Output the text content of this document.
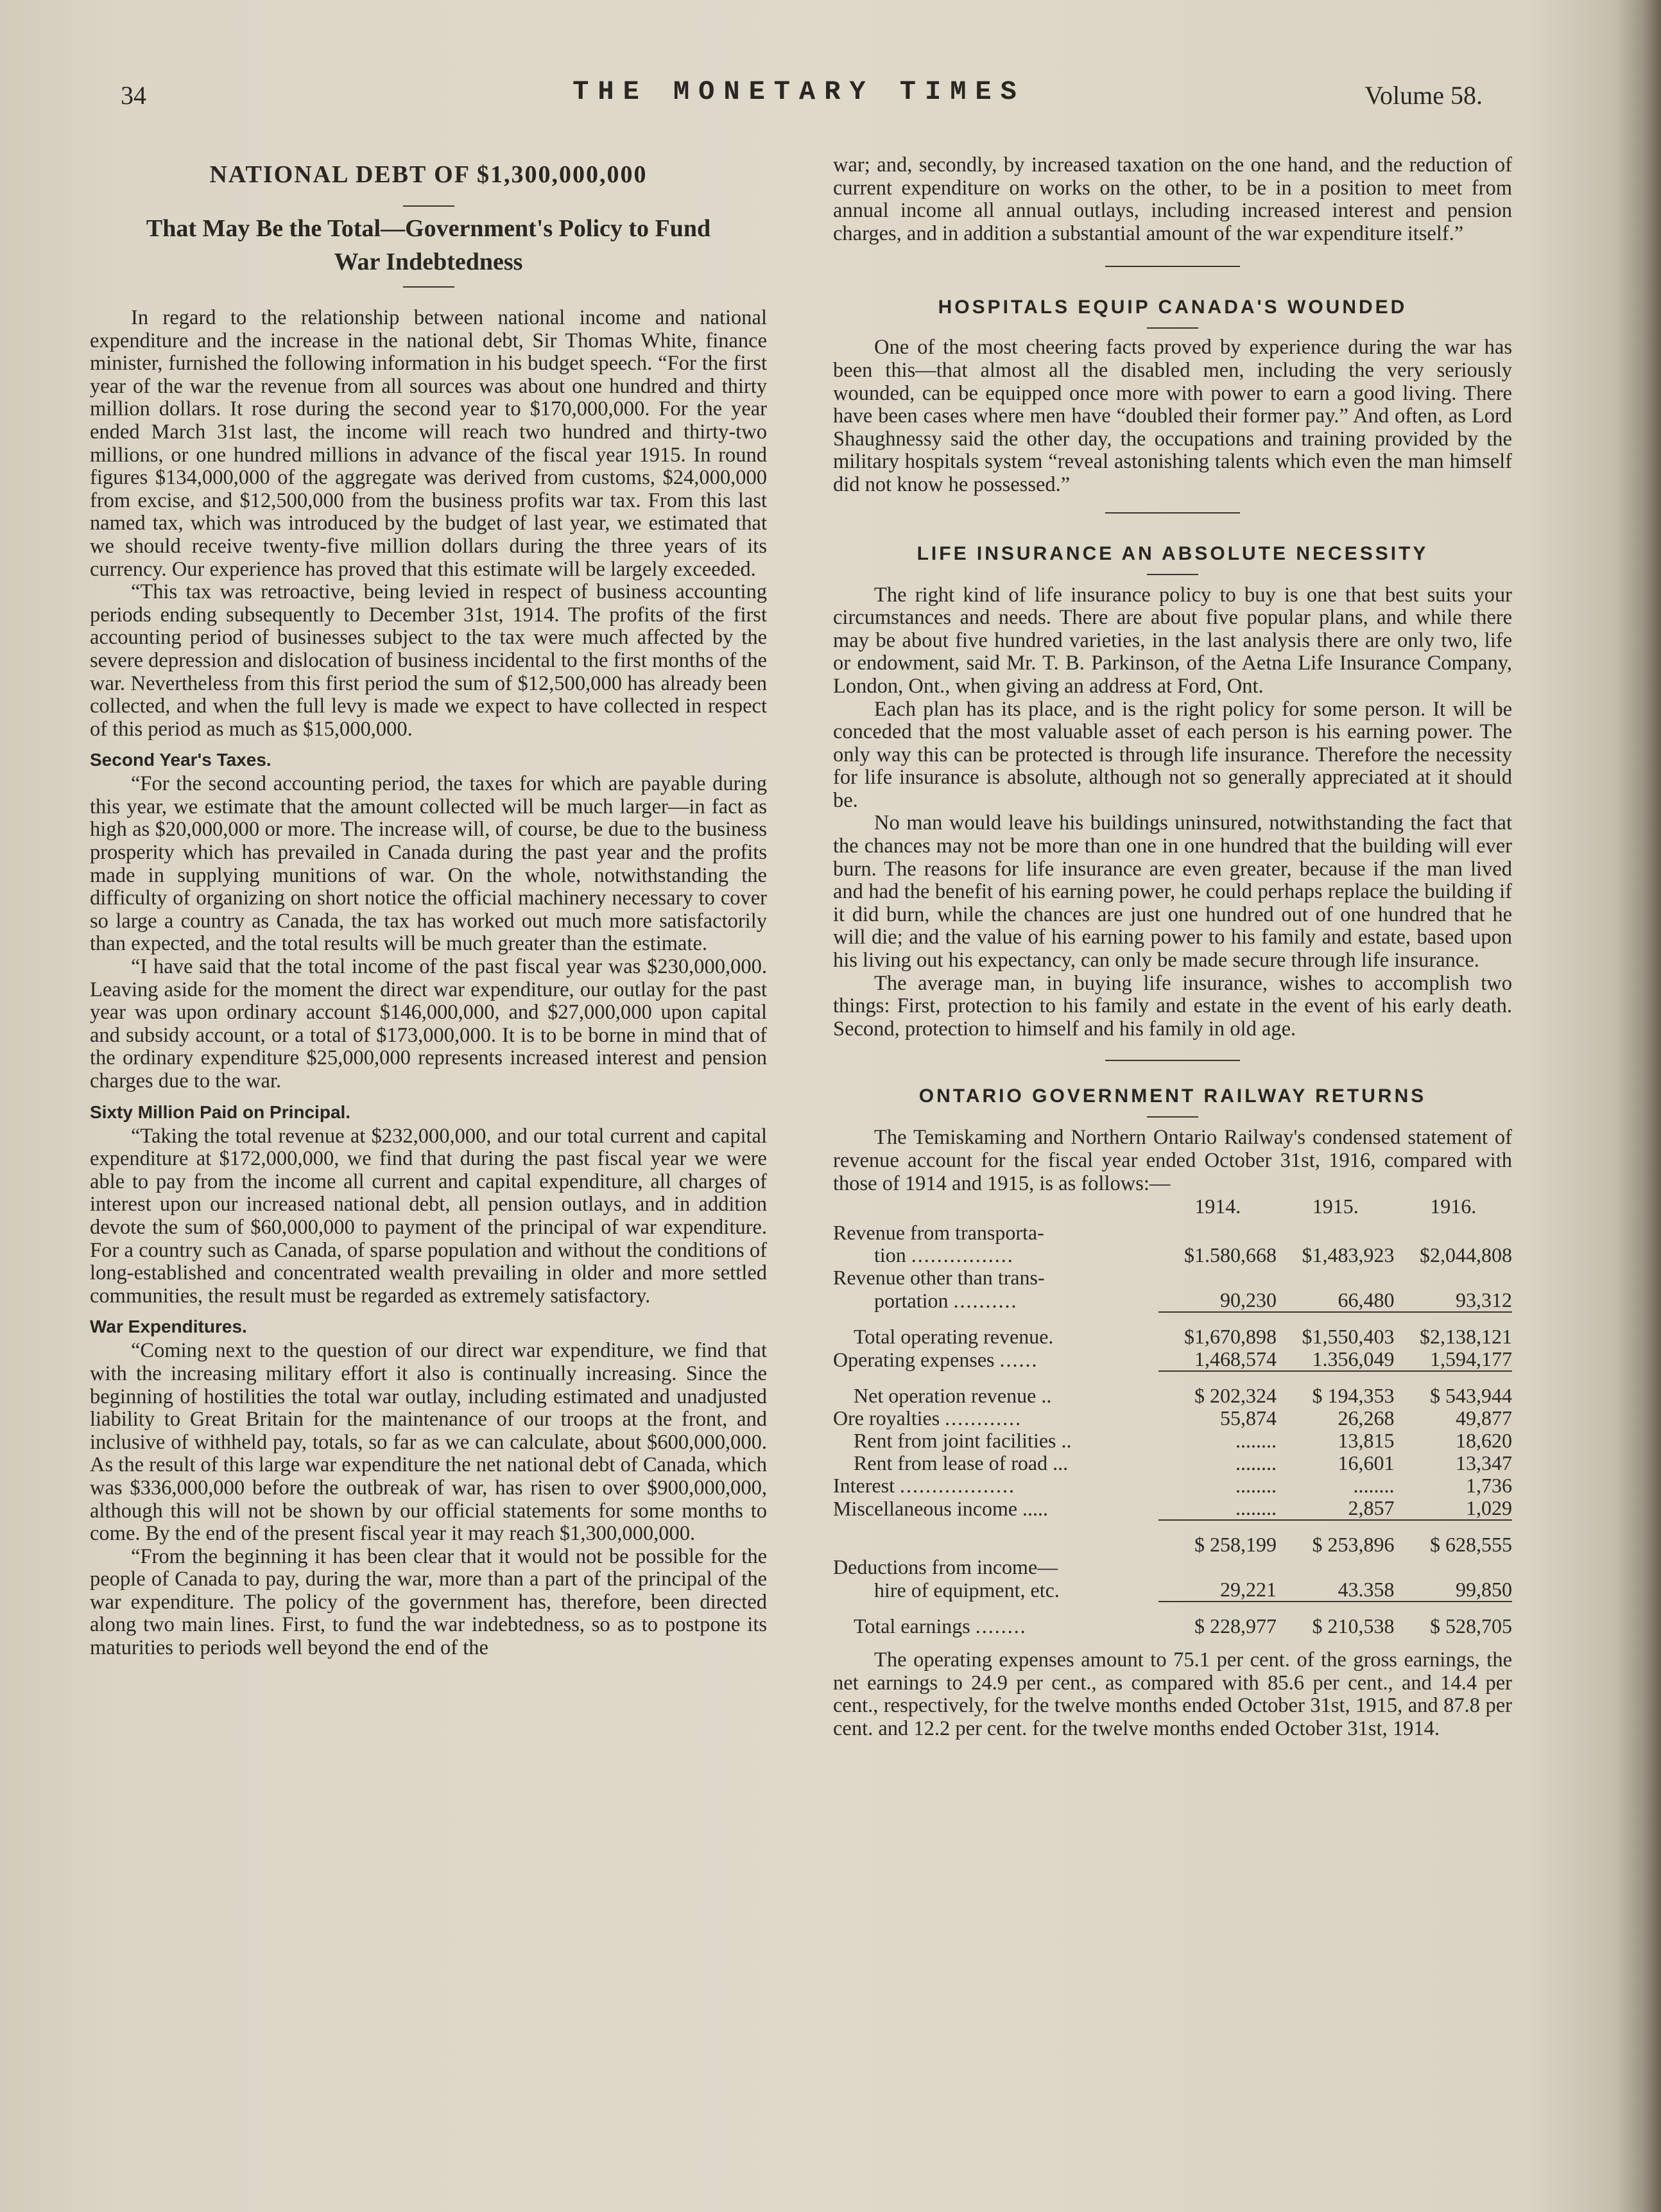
34	THE MONETARY TIMES	Volume 58.
NATIONAL DEBT OF $1,300,000,000
That May Be the Total—Government's Policy to Fund
War Indebtedness

In regard to the relationship between national income and national expenditure and the increase in the national debt, Sir Thomas White, finance minister, furnished the following information in his budget speech. “For the first year of the war the revenue from all sources was about one hundred and thirty million dollars. It rose during the second year to $170,000,000. For the year ended March 31st last, the income will reach two hundred and thirty-two millions, or one hundred millions in advance of the fiscal year 1915. In round figures $134,000,000 of the aggregate was derived from customs, $24,000,000 from excise, and $12,500,000 from the business profits war tax. From this last named tax, which was introduced by the budget of last year, we estimated that we should receive twenty-five million dollars during the three years of its currency. Our experience has proved that this estimate will be largely exceeded.

“This tax was retroactive, being levied in respect of business accounting periods ending subsequently to December 31st, 1914. The profits of the first accounting period of businesses subject to the tax were much affected by the severe depression and dislocation of business incidental to the first months of the war. Nevertheless from this first period the sum of $12,500,000 has already been collected, and when the full levy is made we expect to have collected in respect of this period as much as $15,000,000.

Second Year's Taxes.

“For the second accounting period, the taxes for which are payable during this year, we estimate that the amount collected will be much larger—in fact as high as $20,000,000 or more. The increase will, of course, be due to the business prosperity which has prevailed in Canada during the past year and the profits made in supplying munitions of war. On the whole, notwithstanding the difficulty of organizing on short notice the official machinery necessary to cover so large a country as Canada, the tax has worked out much more satisfactorily than expected, and the total results will be much greater than the estimate.

“I have said that the total income of the past fiscal year was $230,000,000. Leaving aside for the moment the direct war expenditure, our outlay for the past year was upon ordinary account $146,000,000, and $27,000,000 upon capital and subsidy account, or a total of $173,000,000. It is to be borne in mind that of the ordinary expenditure $25,000,000 represents increased interest and pension charges due to the war.

Sixty Million Paid on Principal.

“Taking the total revenue at $232,000,000, and our total current and capital expenditure at $172,000,000, we find that during the past fiscal year we were able to pay from the income all current and capital expenditure, all charges of interest upon our increased national debt, all pension outlays, and in addition devote the sum of $60,000,000 to payment of the principal of war expenditure. For a country such as Canada, of sparse population and without the conditions of long-established and concentrated wealth prevailing in older and more settled communities, the result must be regarded as extremely satisfactory.

War Expenditures.

“Coming next to the question of our direct war expenditure, we find that with the increasing military effort it also is continually increasing. Since the beginning of hostilities the total war outlay, including estimated and unadjusted liability to Great Britain for the maintenance of our troops at the front, and inclusive of withheld pay, totals, so far as we can calculate, about $600,000,000. As the result of this large war expenditure the net national debt of Canada, which was $336,000,000 before the outbreak of war, has risen to over $900,000,000, although this will not be shown by our official statements for some months to come. By the end of the present fiscal year it may reach $1,300,000,000.

“From the beginning it has been clear that it would not be possible for the people of Canada to pay, during the war, more than a part of the principal of the war expenditure. The policy of the government has, therefore, been directed along two main lines. First, to fund the war indebtedness, so as to postpone its maturities to periods well beyond the end of the

war; and, secondly, by increased taxation on the one hand, and the reduction of current expenditure on works on the other, to be in a position to meet from annual income all annual outlays, including increased interest and pension charges, and in addition a substantial amount of the war expenditure itself.”

HOSPITALS EQUIP CANADA'S WOUNDED

One of the most cheering facts proved by experience during the war has been this—that almost all the disabled men, including the very seriously wounded, can be equipped once more with power to earn a good living. There have been cases where men have “doubled their former pay.” And often, as Lord Shaughnessy said the other day, the occupations and training provided by the military hospitals system “reveal astonishing talents which even the man himself did not know he possessed.”

LIFE INSURANCE AN ABSOLUTE NECESSITY

The right kind of life insurance policy to buy is one that best suits your circumstances and needs. There are about five popular plans, and while there may be about five hundred varieties, in the last analysis there are only two, life or endowment, said Mr. T. B. Parkinson, of the Aetna Life Insurance Company, London, Ont., when giving an address at Ford, Ont.

Each plan has its place, and is the right policy for some person. It will be conceded that the most valuable asset of each person is his earning power. The only way this can be protected is through life insurance. Therefore the necessity for life insurance is absolute, although not so generally appreciated at it should be.

No man would leave his buildings uninsured, notwithstanding the fact that the chances may not be more than one in one hundred that the building will ever burn. The reasons for life insurance are even greater, because if the man lived and had the benefit of his earning power, he could perhaps replace the building if it did burn, while the chances are just one hundred out of one hundred that he will die; and the value of his earning power to his family and estate, based upon his living out his expectancy, can only be made secure through life insurance.

The average man, in buying life insurance, wishes to accomplish two things: First, protection to his family and estate in the event of his early death. Second, protection to himself and his family in old age.

ONTARIO GOVERNMENT RAILWAY RETURNS

The Temiskaming and Northern Ontario Railway's condensed statement of revenue account for the fiscal year ended October 31st, 1916, compared with those of 1914 and 1915, is as follows:—

	1914.	1915.	1916.
Revenue from transporta-			
tion ................	$1.580,668	$1,483,923	$2,044,808
Revenue other than trans-			
portation ..........	90,230	66,480	93,312

Total operating revenue.	$1,670,898	$1,550,403	$2,138,121
Operating expenses ......	1,468,574	1.356,049	1,594,177

Net operation revenue ..	$ 202,324	$ 194,353	$ 543,944
Ore royalties ............	55,874	26,268	49,877
Rent from joint facilities ..	........	13,815	18,620
Rent from lease of road ...	........	16,601	13,347
Interest ..................	........	........	1,736
Miscellaneous income .....	........	2,857	1,029

	$ 258,199	$ 253,896	$ 628,555
Deductions from income—			
hire of equipment, etc.	29,221	43.358	99,850

Total earnings ........	$ 228,977	$ 210,538	$ 528,705

The operating expenses amount to 75.1 per cent. of the gross earnings, the net earnings to 24.9 per cent., as compared with 85.6 per cent., and 14.4 per cent., respectively, for the twelve months ended October 31st, 1915, and 87.8 per cent. and 12.2 per cent. for the twelve months ended October 31st, 1914.
